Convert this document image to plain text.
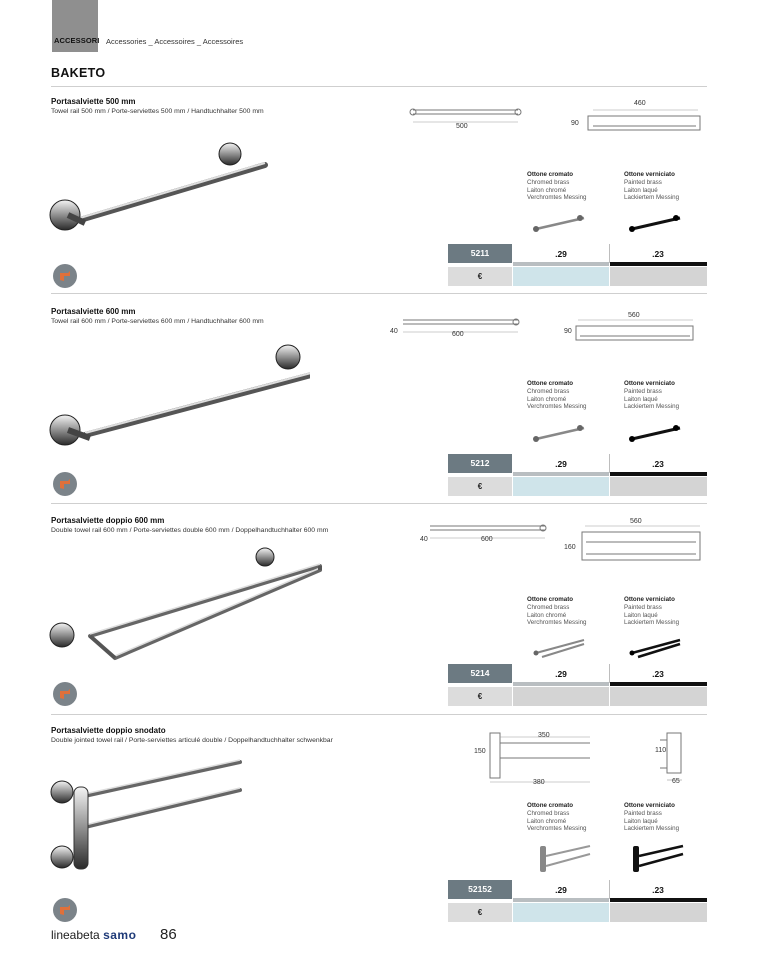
ACCESSORI Accessories _ Accessoires _ Accessoires
BAKETO
Portasalviette 500 mm
Towel rail 500 mm / Porte-serviettes 500 mm / Handtuchhalter 500 mm
500
460
90
Ottone cromato
Chromed brass
Laiton chromé
Verchromtes Messing
Ottone verniciato
Painted brass
Laiton laqué
Lackiertem Messing
5211	.29	.23
€
Portasalviette 600 mm
Towel rail 600 mm / Porte-serviettes 600 mm / Handtuchhalter 600 mm
40	600
560
90
Ottone cromato
Chromed brass
Laiton chromé
Verchromtes Messing
Ottone verniciato
Painted brass
Laiton laqué
Lackiertem Messing
5212	.29	.23
€
Portasalviette doppio 600 mm
Double towel rail 600 mm / Porte-serviettes double 600 mm / Doppelhandtuchhalter 600 mm
40	600
560
160
Ottone cromato
Chromed brass
Laiton chromé
Verchromtes Messing
Ottone verniciato
Painted brass
Laiton laqué
Lackiertem Messing
5214	.29	.23
€
Portasalviette doppio snodato
Double jointed towel rail / Porte-serviettes articulé double / Doppelhandtuchhalter schwenkbar
350
150
380
110
65
Ottone cromato
Chromed brass
Laiton chromé
Verchromtes Messing
Ottone verniciato
Painted brass
Laiton laqué
Lackiertem Messing
52152	.29	.23
€
lineabeta samo 86
